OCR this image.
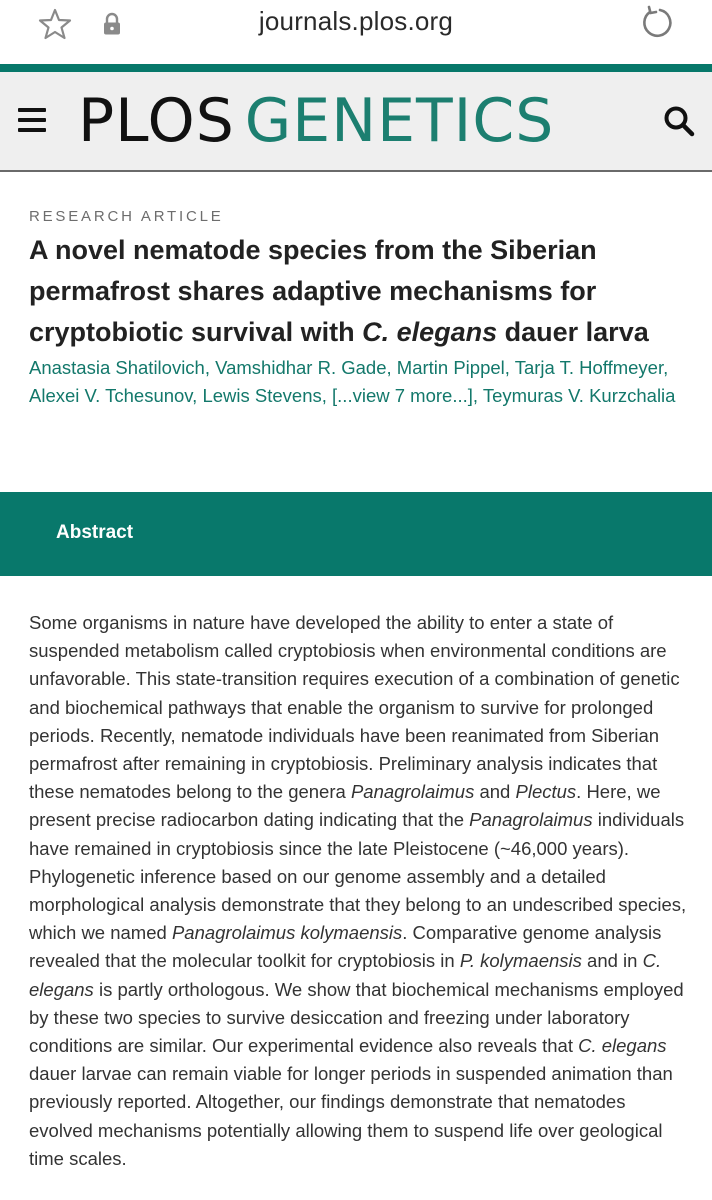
journals.plos.org
PLOS GENETICS
RESEARCH ARTICLE
A novel nematode species from the Siberian permafrost shares adaptive mechanisms for cryptobiotic survival with C. elegans dauer larva
Anastasia Shatilovich, Vamshidhar R. Gade, Martin Pippel, Tarja T. Hoffmeyer, Alexei V. Tchesunov, Lewis Stevens, [...view 7 more...], Teymuras V. Kurzchalia
Abstract
Some organisms in nature have developed the ability to enter a state of suspended metabolism called cryptobiosis when environmental conditions are unfavorable. This state-transition requires execution of a combination of genetic and biochemical pathways that enable the organism to survive for prolonged periods. Recently, nematode individuals have been reanimated from Siberian permafrost after remaining in cryptobiosis. Preliminary analysis indicates that these nematodes belong to the genera Panagrolaimus and Plectus. Here, we present precise radiocarbon dating indicating that the Panagrolaimus individuals have remained in cryptobiosis since the late Pleistocene (~46,000 years). Phylogenetic inference based on our genome assembly and a detailed morphological analysis demonstrate that they belong to an undescribed species, which we named Panagrolaimus kolymaensis. Comparative genome analysis revealed that the molecular toolkit for cryptobiosis in P. kolymaensis and in C. elegans is partly orthologous. We show that biochemical mechanisms employed by these two species to survive desiccation and freezing under laboratory conditions are similar. Our experimental evidence also reveals that C. elegans dauer larvae can remain viable for longer periods in suspended animation than previously reported. Altogether, our findings demonstrate that nematodes evolved mechanisms potentially allowing them to suspend life over geological time scales.
